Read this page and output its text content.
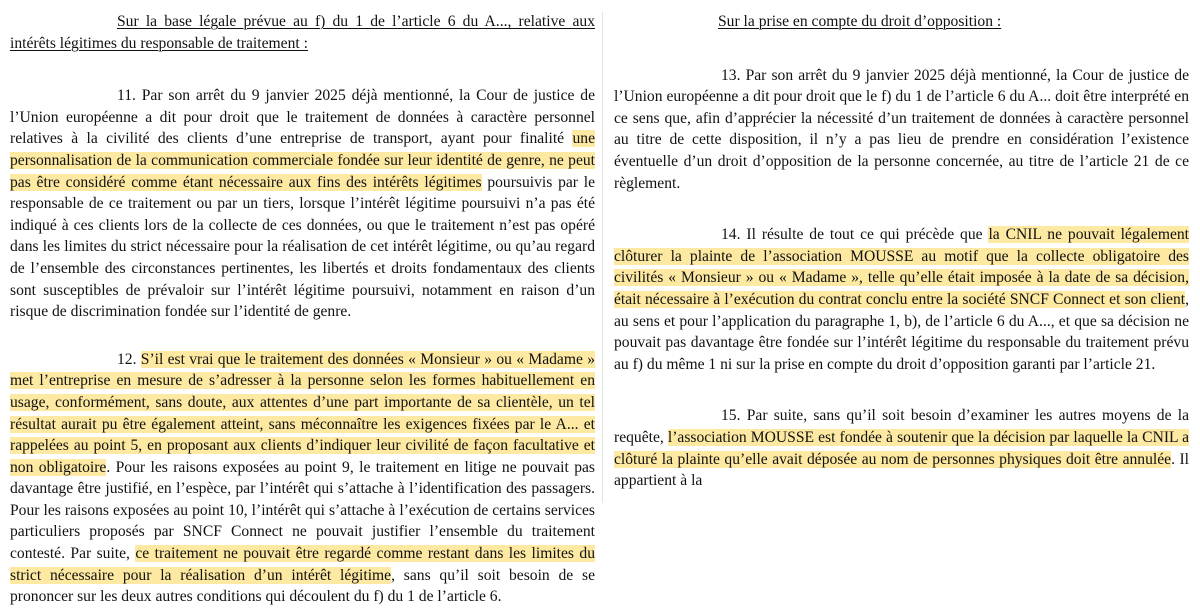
Sur la base légale prévue au f) du 1 de l’article 6 du A..., relative aux intérêts légitimes du responsable de traitement :

11. Par son arrêt du 9 janvier 2025 déjà mentionné, la Cour de justice de l’Union européenne a dit pour droit que le traitement de données à caractère personnel relatives à la civilité des clients d’une entreprise de transport, ayant pour finalité une personnalisation de la communication commerciale fondée sur leur identité de genre, ne peut pas être considéré comme étant nécessaire aux fins des intérêts légitimes poursuivis par le responsable de ce traitement ou par un tiers, lorsque l’intérêt légitime poursuivi n’a pas été indiqué à ces clients lors de la collecte de ces données, ou que le traitement n’est pas opéré dans les limites du strict nécessaire pour la réalisation de cet intérêt légitime, ou qu’au regard de l’ensemble des circonstances pertinentes, les libertés et droits fondamentaux des clients sont susceptibles de prévaloir sur l’intérêt légitime poursuivi, notamment en raison d’un risque de discrimination fondée sur l’identité de genre.

12. S’il est vrai que le traitement des données « Monsieur » ou « Madame » met l’entreprise en mesure de s’adresser à la personne selon les formes habituellement en usage, conformément, sans doute, aux attentes d’une part importante de sa clientèle, un tel résultat aurait pu être également atteint, sans méconnaître les exigences fixées par le A... et rappelées au point 5, en proposant aux clients d’indiquer leur civilité de façon facultative et non obligatoire. Pour les raisons exposées au point 9, le traitement en litige ne pouvait pas davantage être justifié, en l’espèce, par l’intérêt qui s’attache à l’identification des passagers. Pour les raisons exposées au point 10, l’intérêt qui s’attache à l’exécution de certains services particuliers proposés par SNCF Connect ne pouvait justifier l’ensemble du traitement contesté. Par suite, ce traitement ne pouvait être regardé comme restant dans les limites du strict nécessaire pour la réalisation d’un intérêt légitime, sans qu’il soit besoin de se prononcer sur les deux autres conditions qui découlent du f) du 1 de l’article 6.

Sur la prise en compte du droit d’opposition :

13. Par son arrêt du 9 janvier 2025 déjà mentionné, la Cour de justice de l’Union européenne a dit pour droit que le f) du 1 de l’article 6 du A... doit être interprété en ce sens que, afin d’apprécier la nécessité d’un traitement de données à caractère personnel au titre de cette disposition, il n’y a pas lieu de prendre en considération l’existence éventuelle d’un droit d’opposition de la personne concernée, au titre de l’article 21 de ce règlement.

14. Il résulte de tout ce qui précède que la CNIL ne pouvait légalement clôturer la plainte de l’association MOUSSE au motif que la collecte obligatoire des civilités « Monsieur » ou « Madame », telle qu’elle était imposée à la date de sa décision, était nécessaire à l’exécution du contrat conclu entre la société SNCF Connect et son client, au sens et pour l’application du paragraphe 1, b), de l’article 6 du A..., et que sa décision ne pouvait pas davantage être fondée sur l’intérêt légitime du responsable du traitement prévu au f) du même 1 ni sur la prise en compte du droit d’opposition garanti par l’article 21.

15. Par suite, sans qu’il soit besoin d’examiner les autres moyens de la requête, l’association MOUSSE est fondée à soutenir que la décision par laquelle la CNIL a clôturé la plainte qu’elle avait déposée au nom de personnes physiques doit être annulée. Il appartient à la
